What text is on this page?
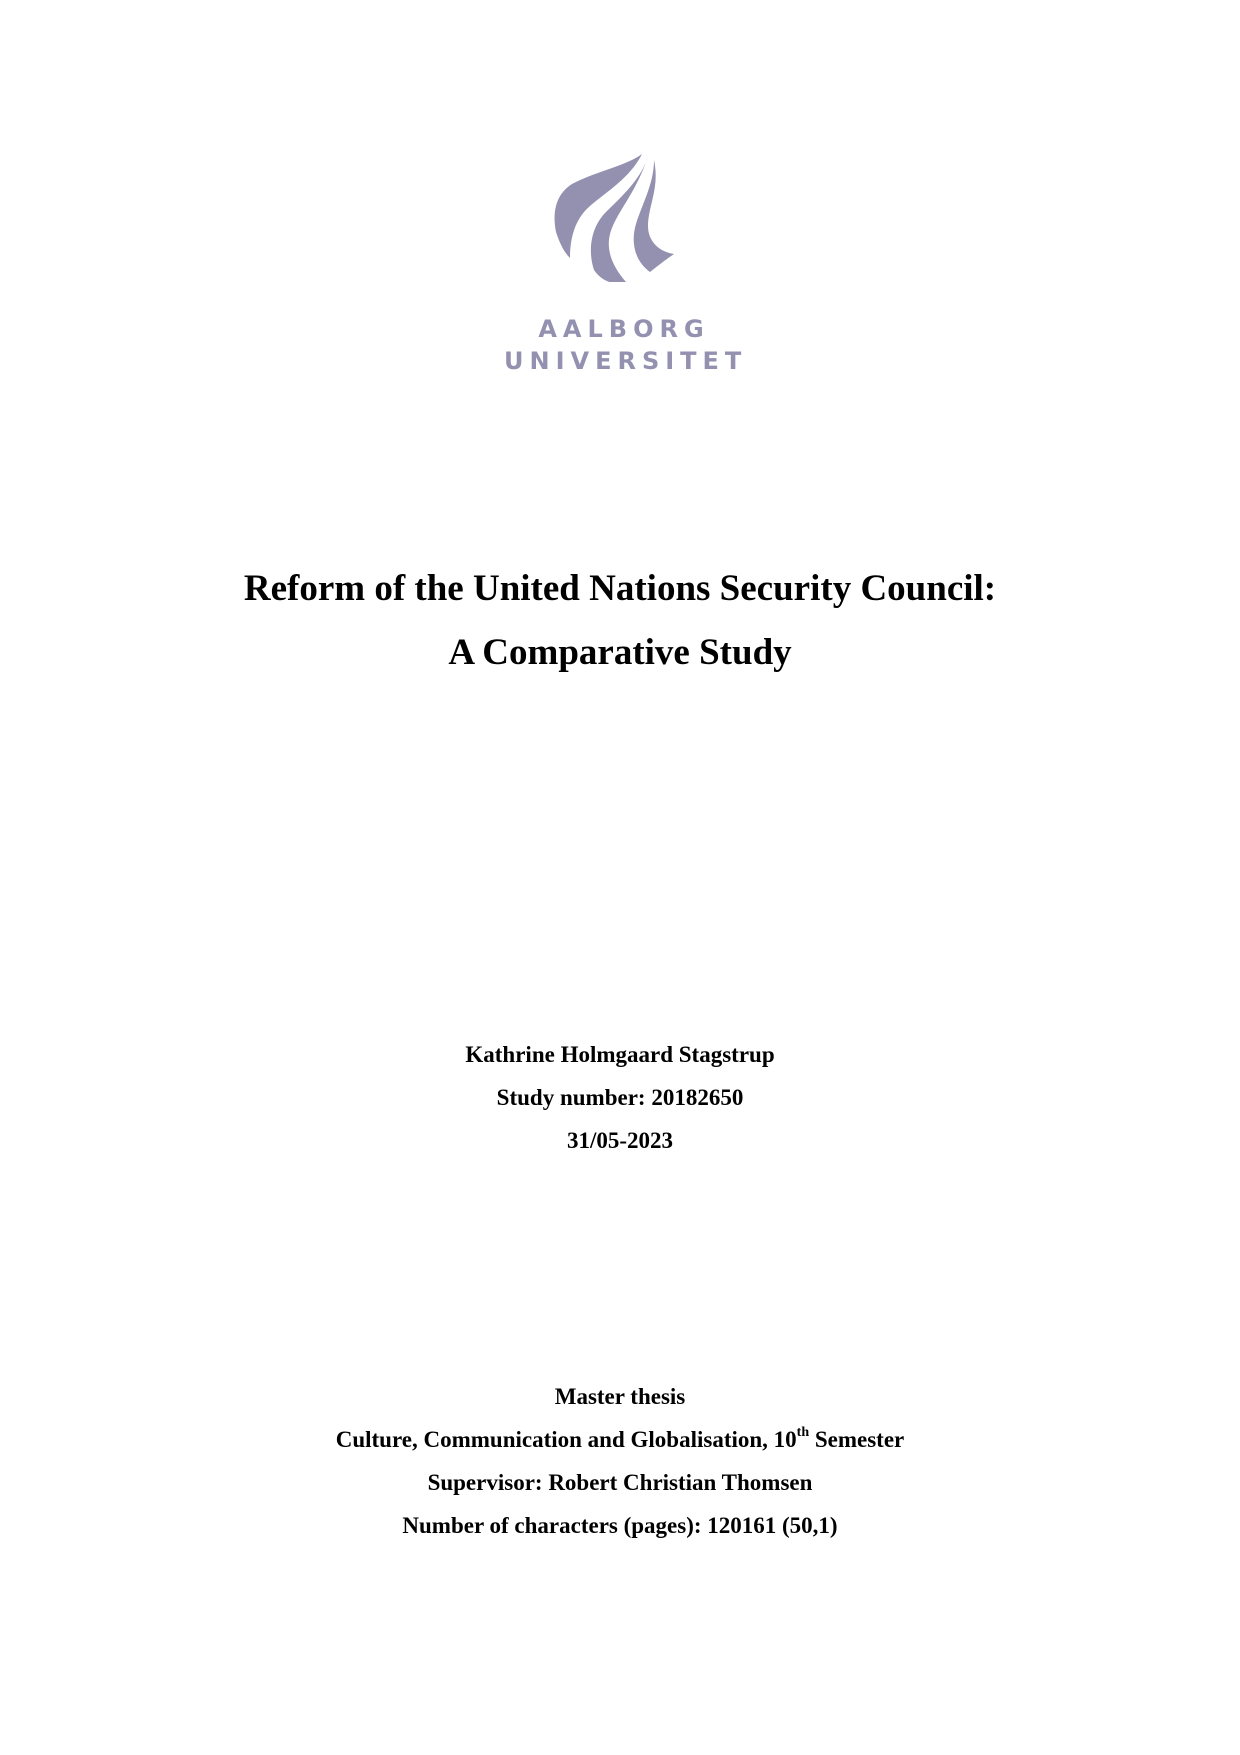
AALBORG
UNIVERSITET
Reform of the United Nations Security Council:
A Comparative Study
Kathrine Holmgaard Stagstrup
Study number: 20182650
31/05-2023
Master thesis
Culture, Communication and Globalisation, 10th Semester
Supervisor: Robert Christian Thomsen
Number of characters (pages): 120161 (50,1)
